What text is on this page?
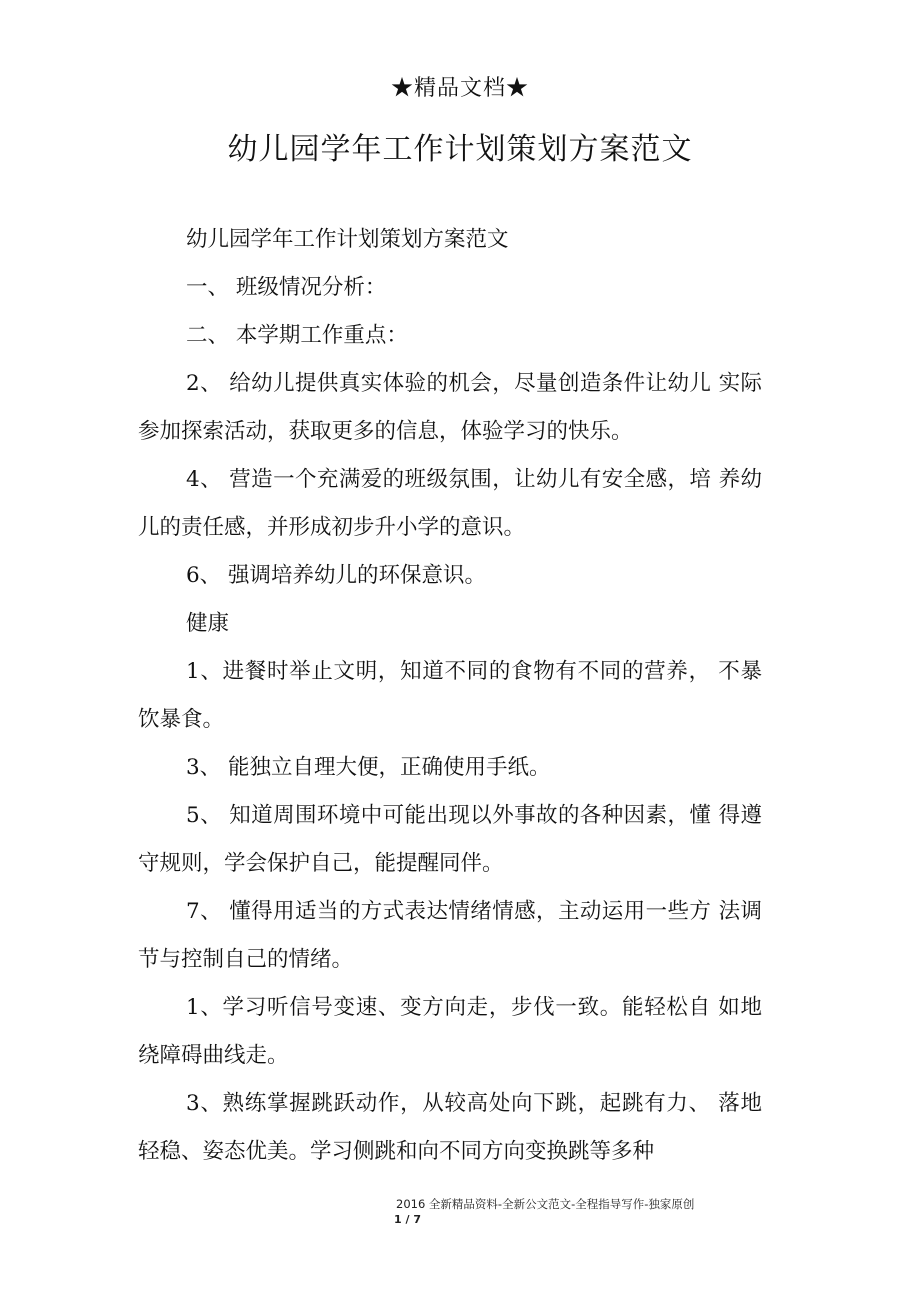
★精品文档★
幼儿园学年工作计划策划方案范文

幼儿园学年工作计划策划方案范文

一、 班级情况分析：

二、 本学期工作重点：

2、 给幼儿提供真实体验的机会，尽量创造条件让幼儿 实际参加探索活动，获取更多的信息，体验学习的快乐。

4、 营造一个充满爱的班级氛围，让幼儿有安全感，培 养幼儿的责任感，并形成初步升小学的意识。

6、 强调培养幼儿的环保意识。

健康

1、进餐时举止文明，知道不同的食物有不同的营养， 不暴饮暴食。

3、 能独立自理大便，正确使用手纸。

5、 知道周围环境中可能出现以外事故的各种因素，懂 得遵守规则，学会保护自己，能提醒同伴。

7、 懂得用适当的方式表达情绪情感，主动运用一些方 法调节与控制自己的情绪。

1、学习听信号变速、变方向走，步伐一致。能轻松自 如地绕障碍曲线走。

3、熟练掌握跳跃动作，从较高处向下跳，起跳有力、 落地轻稳、姿态优美。学习侧跳和向不同方向变换跳等多种

2016 全新精品资料-全新公文范文-全程指导写作-独家原创
1 / 7
